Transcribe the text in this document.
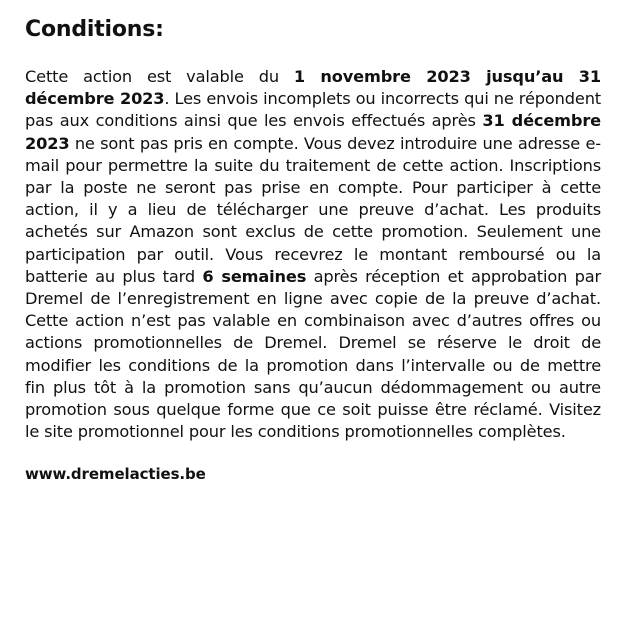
Conditions:

Cette action est valable du 1 novembre 2023 jusqu’au 31 décembre 2023. Les envois incomplets ou incorrects qui ne répondent pas aux conditions ainsi que les envois effectués après 31 décembre 2023 ne sont pas pris en compte. Vous devez introduire une adresse e-mail pour permettre la suite du traitement de cette action. Inscriptions par la poste ne seront pas prise en compte. Pour participer à cette action, il y a lieu de télécharger une preuve d’achat. Les produits achetés sur Amazon sont exclus de cette promotion. Seulement une participation par outil. Vous recevrez le montant remboursé ou la batterie au plus tard 6 semaines après réception et approbation par Dremel de l’enregistrement en ligne avec copie de la preuve d’achat. Cette action n’est pas valable en combinaison avec d’autres offres ou actions promotionnelles de Dremel. Dremel se réserve le droit de modifier les conditions de la promotion dans l’intervalle ou de mettre fin plus tôt à la promotion sans qu’aucun dédommagement ou autre promotion sous quelque forme que ce soit puisse être réclamé. Visitez le site promotionnel pour les conditions promotionnelles complètes.

www.dremelacties.be
